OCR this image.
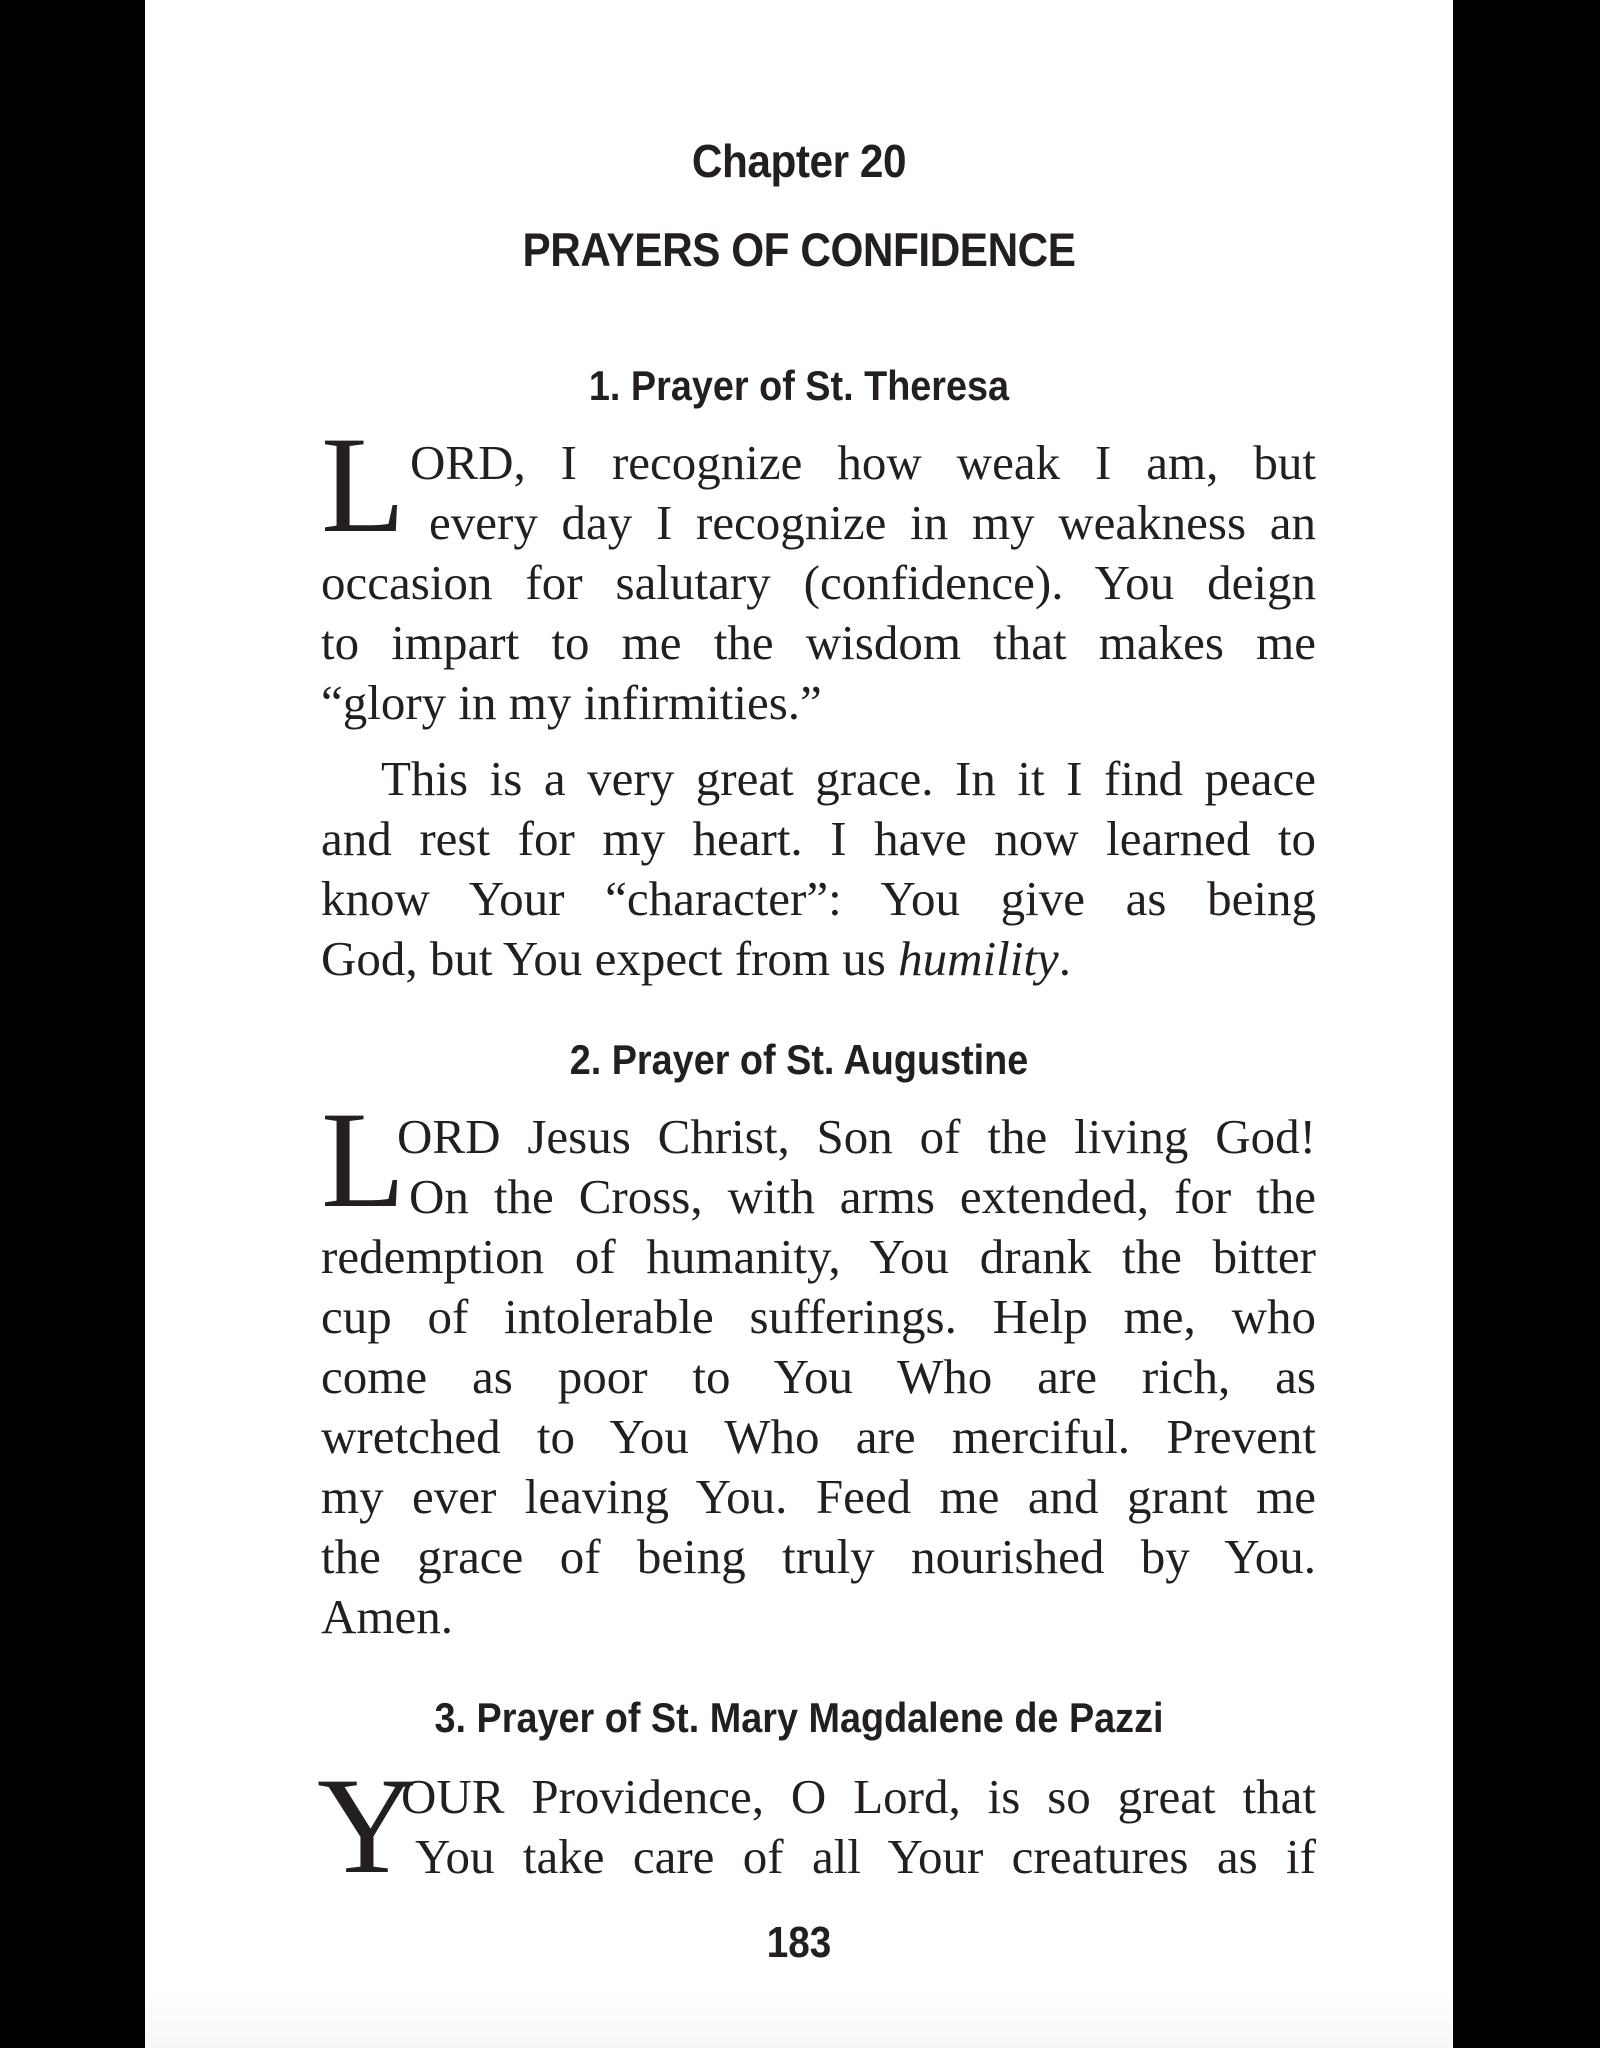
Chapter 20
PRAYERS OF CONFIDENCE
1. Prayer of St. Theresa
L ORD, I recognize how weak I am, but
every day I recognize in my weakness an
occasion for salutary (confidence). You deign
to impart to me the wisdom that makes me
“glory in my infirmities.”
This is a very great grace. In it I find peace
and rest for my heart. I have now learned to
know Your “character”: You give as being
God, but You expect from us humility.
2. Prayer of St. Augustine
L
ORD Jesus Christ, Son of the living God!
On the Cross, with arms extended, for the
redemption of humanity, You drank the bitter
cup of intolerable sufferings. Help me, who
come as poor to You Who are rich, as
wretched to You Who are merciful. Prevent
my ever leaving You. Feed me and grant me
the grace of being truly nourished by You.
Amen.
3. Prayer of St. Mary Magdalene de Pazzi
Y
OUR Providence, O Lord, is so great that
You take care of all Your creatures as if
183
